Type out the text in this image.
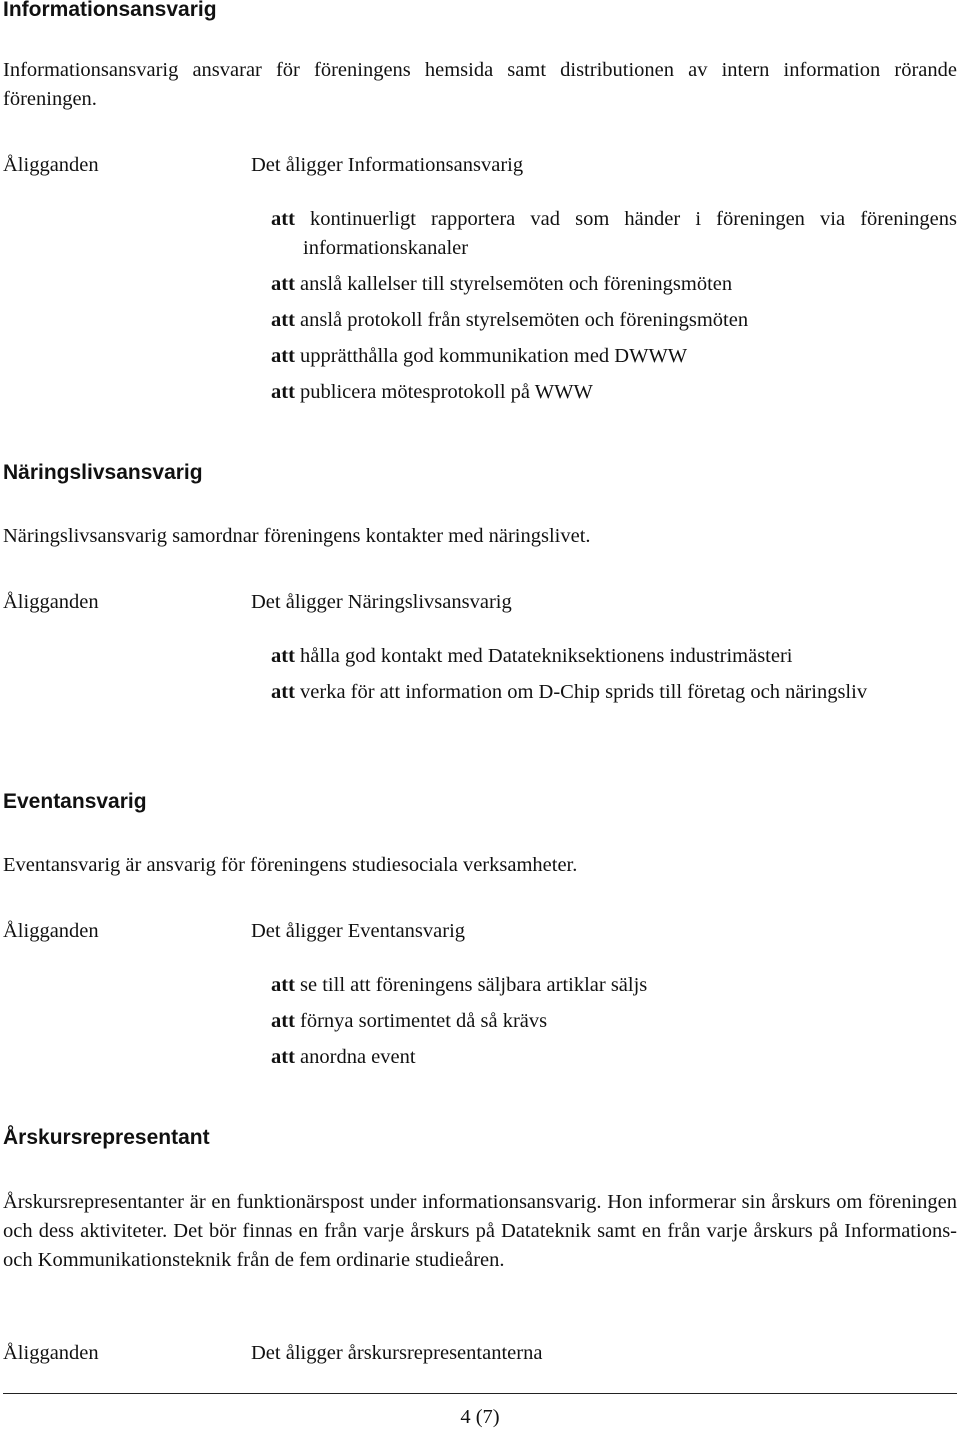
Informationsansvarig

Informationsansvarig ansvarar för föreningens hemsida samt distributionen av intern information rörande föreningen.

Åligganden	Det åligger Informationsansvarig
att kontinuerligt rapportera vad som händer i föreningen via föreningens informationskanaler
att anslå kallelser till styrelsemöten och föreningsmöten
att anslå protokoll från styrelsemöten och föreningsmöten
att upprätthålla god kommunikation med DWWW
att publicera mötesprotokoll på WWW
Näringslivsansvarig

Näringslivsansvarig samordnar föreningens kontakter med näringslivet.

Åligganden	Det åligger Näringslivsansvarig
att hålla god kontakt med Datatekniksektionens industrimästeri
att verka för att information om D-Chip sprids till företag och näringsliv
Eventansvarig

Eventansvarig är ansvarig för föreningens studiesociala verksamheter.

Åligganden	Det åligger Eventansvarig
att se till att föreningens säljbara artiklar säljs
att förnya sortimentet då så krävs
att anordna event
Årskursrepresentant

Årskursrepresentanter är en funktionärspost under informationsansvarig. Hon informerar sin årskurs om föreningen och dess aktiviteter. Det bör finnas en från varje årskurs på Datateknik samt en från varje årskurs på Informations- och Kommunikationsteknik från de fem ordinarie studieåren.

Åligganden	Det åligger årskursrepresentanterna
4 (7)
